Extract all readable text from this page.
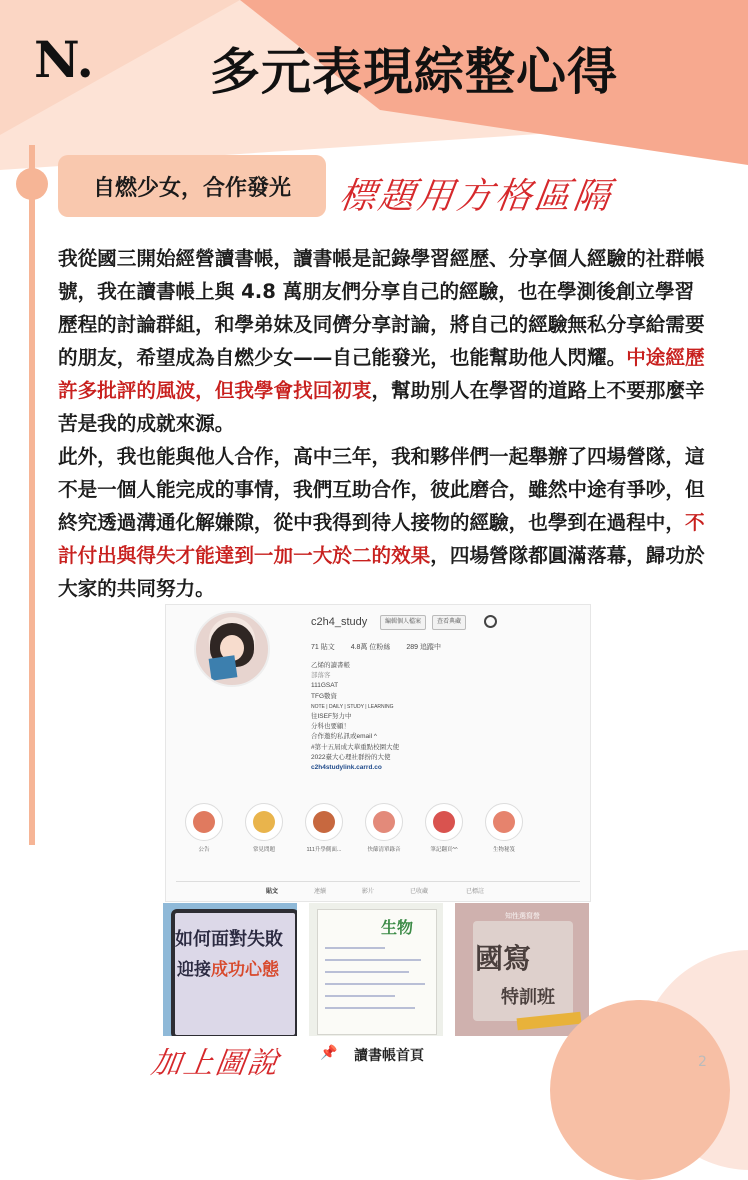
N. 多元表現綜整心得
自燃少女，合作發光 標題用方格區隔

我從國三開始經營讀書帳，讀書帳是記錄學習經歷、分享個人經驗的社群帳號，我在讀書帳上與 4.8 萬朋友們分享自己的經驗，也在學測後創立學習歷程的討論群組，和學弟妹及同儕分享討論，將自己的經驗無私分享給需要的朋友，希望成為自燃少女——自己能發光，也能幫助他人閃耀。中途經歷許多批評的風波，但我學會找回初衷，幫助別人在學習的道路上不要那麼辛苦是我的成就來源。

此外，我也能與他人合作，高中三年，我和夥伴們一起舉辦了四場營隊，這不是一個人能完成的事情，我們互助合作，彼此磨合，雖然中途有爭吵，但終究透過溝通化解嫌隙，從中我得到待人接物的經驗，也學到在過程中，不計付出與得失才能達到一加一大於二的效果，四場營隊都圓滿落幕，歸功於大家的共同努力。

c2h4_study	編輯個人檔案	查看典藏
71 貼文 4.8萬 位粉絲 289 追蹤中
乙烯的讀書帳
部落客
111GSAT
TFG數資
NOTE | DAILY | STUDY | LEARNING
往ISEF努力中
分科也要顧！
合作邀約私訊或email ^
#第十五屆成大華重點校園大使
2022臺大心理社群扮的大使
c2h4studylink.carrd.co
公告	常見問題	111升學側面...	快篩清單錄音	筆記翻頁^^	生物秘笈
貼文	連續	影片	已收藏	已標註
如何面對失敗
迎接成功心態
生物
知性選寫營
國寫
特訓班
加上圖說	📌 讀書帳首頁	2
